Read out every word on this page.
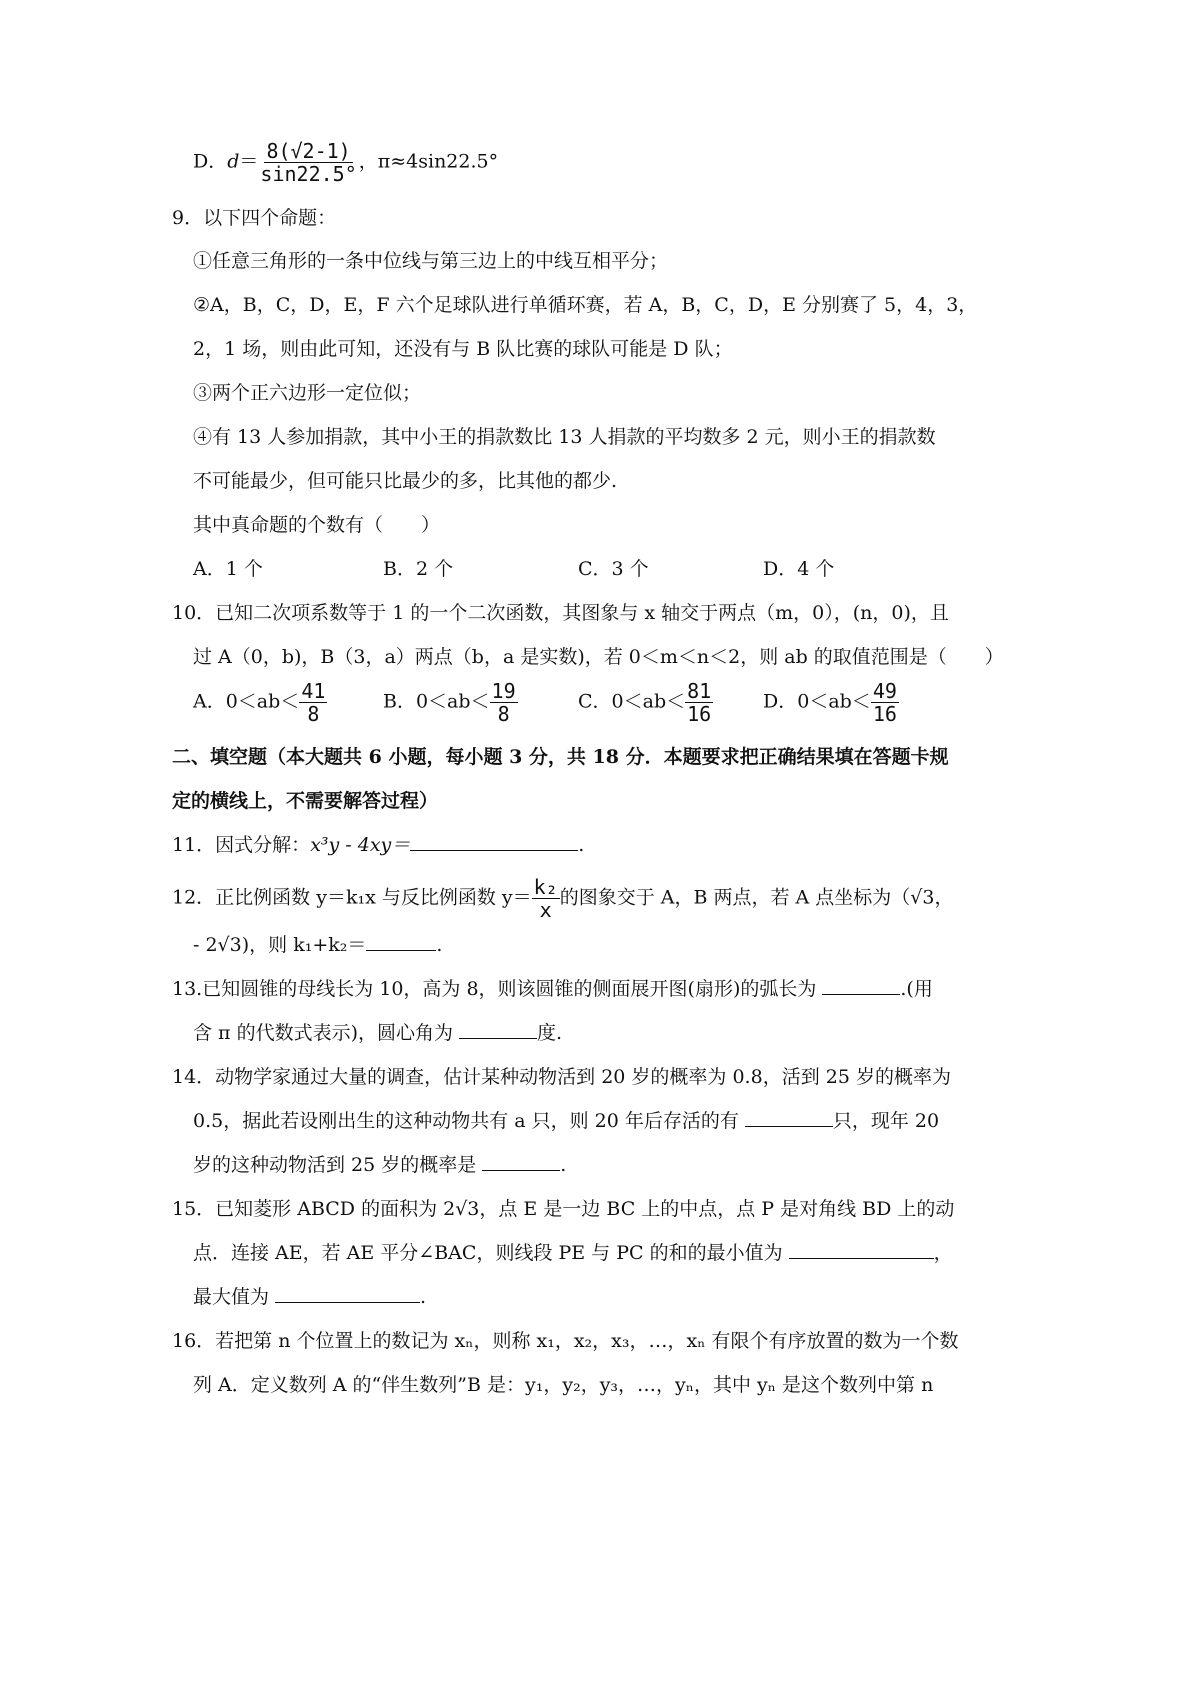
D．$d= \frac{8(√2-1)}{\sin 22.5^\circ}$ ，π≈4sin22.5°
9．以下四个命题：
①任意三角形的一条中位线与第三边上的中线互相平分；
②A，B，C，D，E，F 六个足球队进行单循环赛，若 A，B，C，D，E 分别赛了 5，4，3，
2，1 场，则由此可知，还没有与 B 队比赛的球队可能是 D 队；
③两个正六边形一定位似；
④有 13 人参加捐款，其中小王的捐款数比 13 人捐款的平均数多 2 元，则小王的捐款数
不可能最少，但可能只比最少的多，比其他的都少.
其中真命题的个数有（　　）
A．1 个	B．2 个	C．3 个	D．4 个
10．已知二次项系数等于 1 的一个二次函数，其图象与 x 轴交于两点（m，0），(n，0)，且
过 A（0，b)，B（3，a）两点（b，a 是实数)，若 0＜m＜n＜2，则 ab 的取值范围是（　　）
A．$0<ab< \frac{41}{8}$	B．$0<ab< \frac{19}{8}$	C．$0<ab< \frac{81}{16}$	D．$0<ab< \frac{49}{16}$
二、填空题（本大题共 6 小题，每小题 3 分，共 18 分．本题要求把正确结果填在答题卡规
定的横线上，不需要解答过程）
11．因式分解：x³y - 4xy＝	.
12．正比例函数 y＝k₁x 与反比例函数 $y= \frac{\text{k₂}}{x}$ 的图象交于 A，B 两点，若 A 点坐标为（√3，
- 2√3)，则 k₁+k₂＝	.
13.已知圆锥的母线长为 10，高为 8，则该圆锥的侧面展开图(扇形)的弧长为	.(用
含 π 的代数式表示)，圆心角为	度.
14．动物学家通过大量的调查，估计某种动物活到 20 岁的概率为 0.8，活到 25 岁的概率为
0.5，据此若设刚出生的这种动物共有 a 只，则 20 年后存活的有	只，现年 20
岁的这种动物活到 25 岁的概率是	.
15．已知菱形 ABCD 的面积为 2√3，点 E 是一边 BC 上的中点，点 P 是对角线 BD 上的动
点．连接 AE，若 AE 平分∠BAC，则线段 PE 与 PC 的和的最小值为	，
最大值为	.
16．若把第 n 个位置上的数记为 xₙ，则称 x₁，x₂，x₃，…，xₙ 有限个有序放置的数为一个数
列 A．定义数列 A 的“伴生数列”B 是：y₁，y₂，y₃，…，yₙ，其中 yₙ 是这个数列中第 n
